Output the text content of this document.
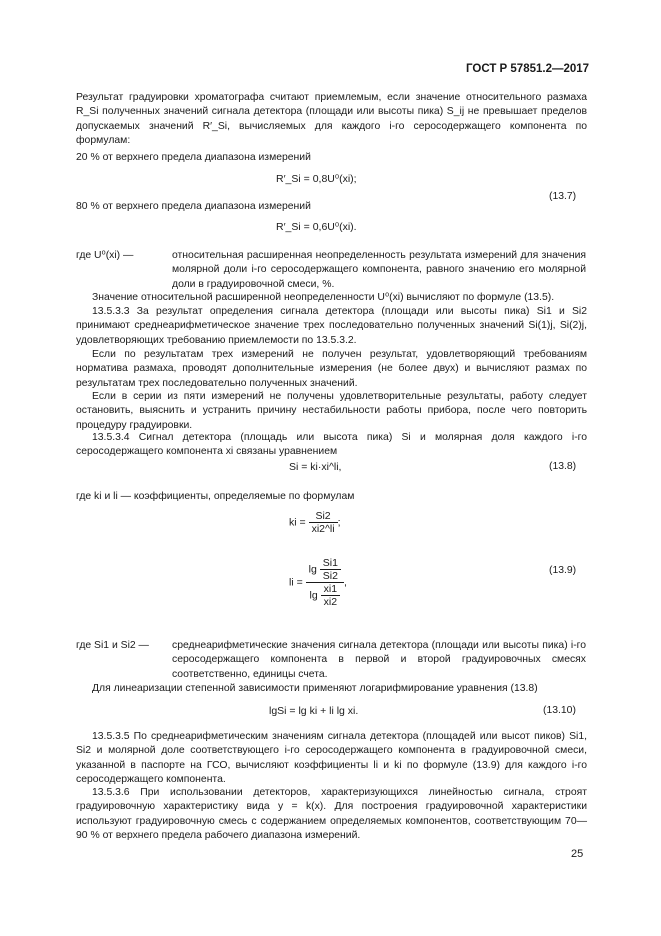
ГОСТ Р 57851.2—2017
Результат градуировки хроматографа считают приемлемым, если значение относительного размаха R_Si полученных значений сигнала детектора (площади или высоты пика) S_ij не превышает пределов допускаемых значений R′_Si, вычисляемых для каждого i-го серосодержащего компонента по формулам:
20 % от верхнего предела диапазона измерений
R′_Si = 0,8U⁰(xi);
80 % от верхнего предела диапазона измерений
(13.7)
R′_Si = 0,6U⁰(xi).
где U⁰(xi) —	относительная расширенная неопределенность результата измерений для значения молярной доли i-го серосодержащего компонента, равного значению его молярной доли в градуировочной смеси, %.
Значение относительной расширенной неопределенности U⁰(xi) вычисляют по формуле (13.5).
13.5.3.3 За результат определения сигнала детектора (площади или высоты пика) Si1 и Si2 принимают среднеарифметическое значение трех последовательно полученных значений Si(1)j, Si(2)j, удовлетворяющих требованию приемлемости по 13.5.3.2.
Если по результатам трех измерений не получен результат, удовлетворяющий требованиям норматива размаха, проводят дополнительные измерения (не более двух) и вычисляют размах по результатам трех последовательно полученных значений.
Если в серии из пяти измерений не получены удовлетворительные результаты, работу следует остановить, выяснить и устранить причину нестабильности работы прибора, после чего повторить процедуру градуировки.
13.5.3.4 Сигнал детектора (площадь или высота пика) Si и молярная доля каждого i-го серосодержащего компонента xi связаны уравнением
Si = ki·xi^li,	(13.8)
где ki и li — коэффициенты, определяемые по формулам
ki = $\frac{Si2}{xi2\^{}li}$ ;
li = $\frac{\lg \frac{Si1}{Si2}}{\lg \frac{xi1}{xi2}}$ ,
(13.9)
где Si1 и Si2 — среднеарифметические значения сигнала детектора (площади или высоты пика) i-го серосодержащего компонента в первой и второй градуировочных смесях соответственно, единицы счета.
Для линеаризации степенной зависимости применяют логарифмирование уравнения (13.8)
lgSi = lg ki + li lg xi.	(13.10)
13.5.3.5 По среднеарифметическим значениям сигнала детектора (площадей или высот пиков) Si1, Si2 и молярной доле соответствующего i-го серосодержащего компонента в градуировочной смеси, указанной в паспорте на ГСО, вычисляют коэффициенты li и ki по формуле (13.9) для каждого i-го серосодержащего компонента.
13.5.3.6 При использовании детекторов, характеризующихся линейностью сигнала, строят градуировочную характеристику вида y = k(x). Для построения градуировочной характеристики используют градуировочную смесь с содержанием определяемых компонентов, соответствующим 70—90 % от верхнего предела рабочего диапазона измерений.
25
